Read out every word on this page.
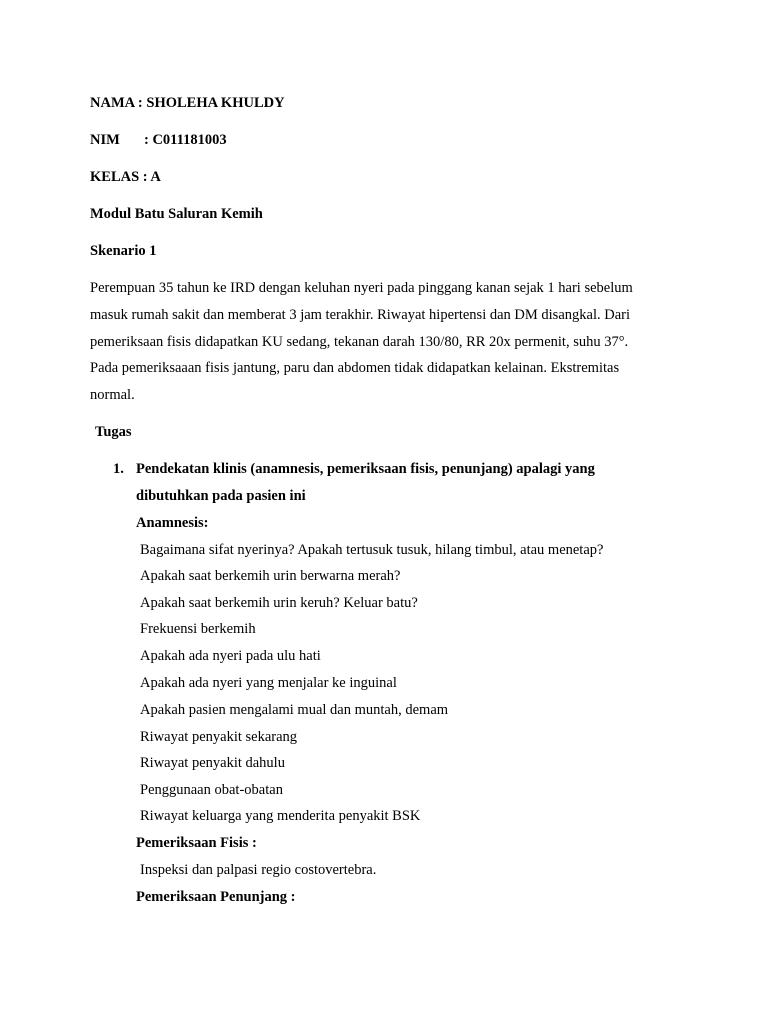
NAMA : SHOLEHA KHULDY
NIM : C011181003
KELAS : A
Modul Batu Saluran Kemih
Skenario 1
Perempuan 35 tahun ke IRD dengan keluhan nyeri pada pinggang kanan sejak 1 hari sebelum
masuk rumah sakit dan memberat 3 jam terakhir. Riwayat hipertensi dan DM disangkal. Dari
pemeriksaan fisis didapatkan KU sedang, tekanan darah 130/80, RR 20x permenit, suhu 37°.
Pada pemeriksaaan fisis jantung, paru dan abdomen tidak didapatkan kelainan. Ekstremitas
normal.
Tugas
1. Pendekatan klinis (anamnesis, pemeriksaan fisis, penunjang) apalagi yang
dibutuhkan pada pasien ini
Anamnesis:
Bagaimana sifat nyerinya? Apakah tertusuk tusuk, hilang timbul, atau menetap?
Apakah saat berkemih urin berwarna merah?
Apakah saat berkemih urin keruh? Keluar batu?
Frekuensi berkemih
Apakah ada nyeri pada ulu hati
Apakah ada nyeri yang menjalar ke inguinal
Apakah pasien mengalami mual dan muntah, demam
Riwayat penyakit sekarang
Riwayat penyakit dahulu
Penggunaan obat-obatan
Riwayat keluarga yang menderita penyakit BSK
Pemeriksaan Fisis :
Inspeksi dan palpasi regio costovertebra.
Pemeriksaan Penunjang :
